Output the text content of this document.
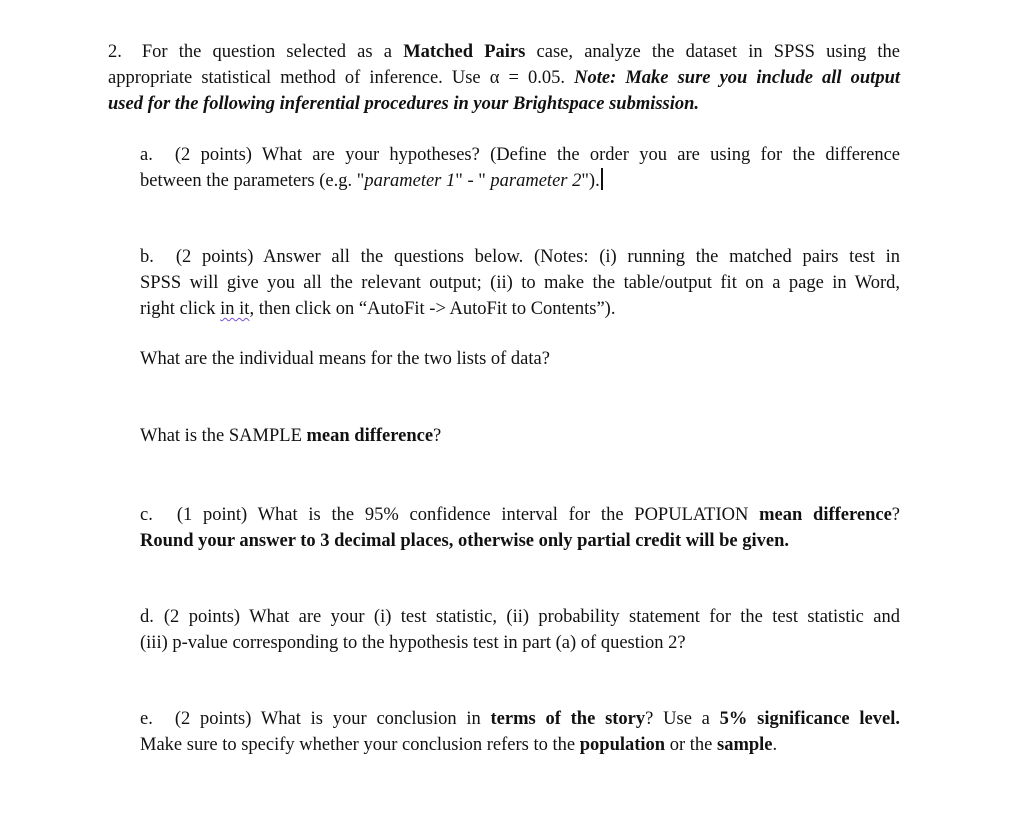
2. For the question selected as a Matched Pairs case, analyze the dataset in SPSS using the
appropriate statistical method of inference. Use α = 0.05. Note: Make sure you include all output
used for the following inferential procedures in your Brightspace submission.
a. (2 points) What are your hypotheses? (Define the order you are using for the difference
between the parameters (e.g. "parameter 1" - " parameter 2").
b. (2 points) Answer all the questions below. (Notes: (i) running the matched pairs test in
SPSS will give you all the relevant output; (ii) to make the table/output fit on a page in Word,
right click in it, then click on “AutoFit -> AutoFit to Contents”).
What are the individual means for the two lists of data?
What is the SAMPLE mean difference?
c. (1 point) What is the 95% confidence interval for the POPULATION mean difference?
Round your answer to 3 decimal places, otherwise only partial credit will be given.
d. (2 points) What are your (i) test statistic, (ii) probability statement for the test statistic and
(iii) p-value corresponding to the hypothesis test in part (a) of question 2?
e. (2 points) What is your conclusion in terms of the story? Use a 5% significance level.
Make sure to specify whether your conclusion refers to the population or the sample.
